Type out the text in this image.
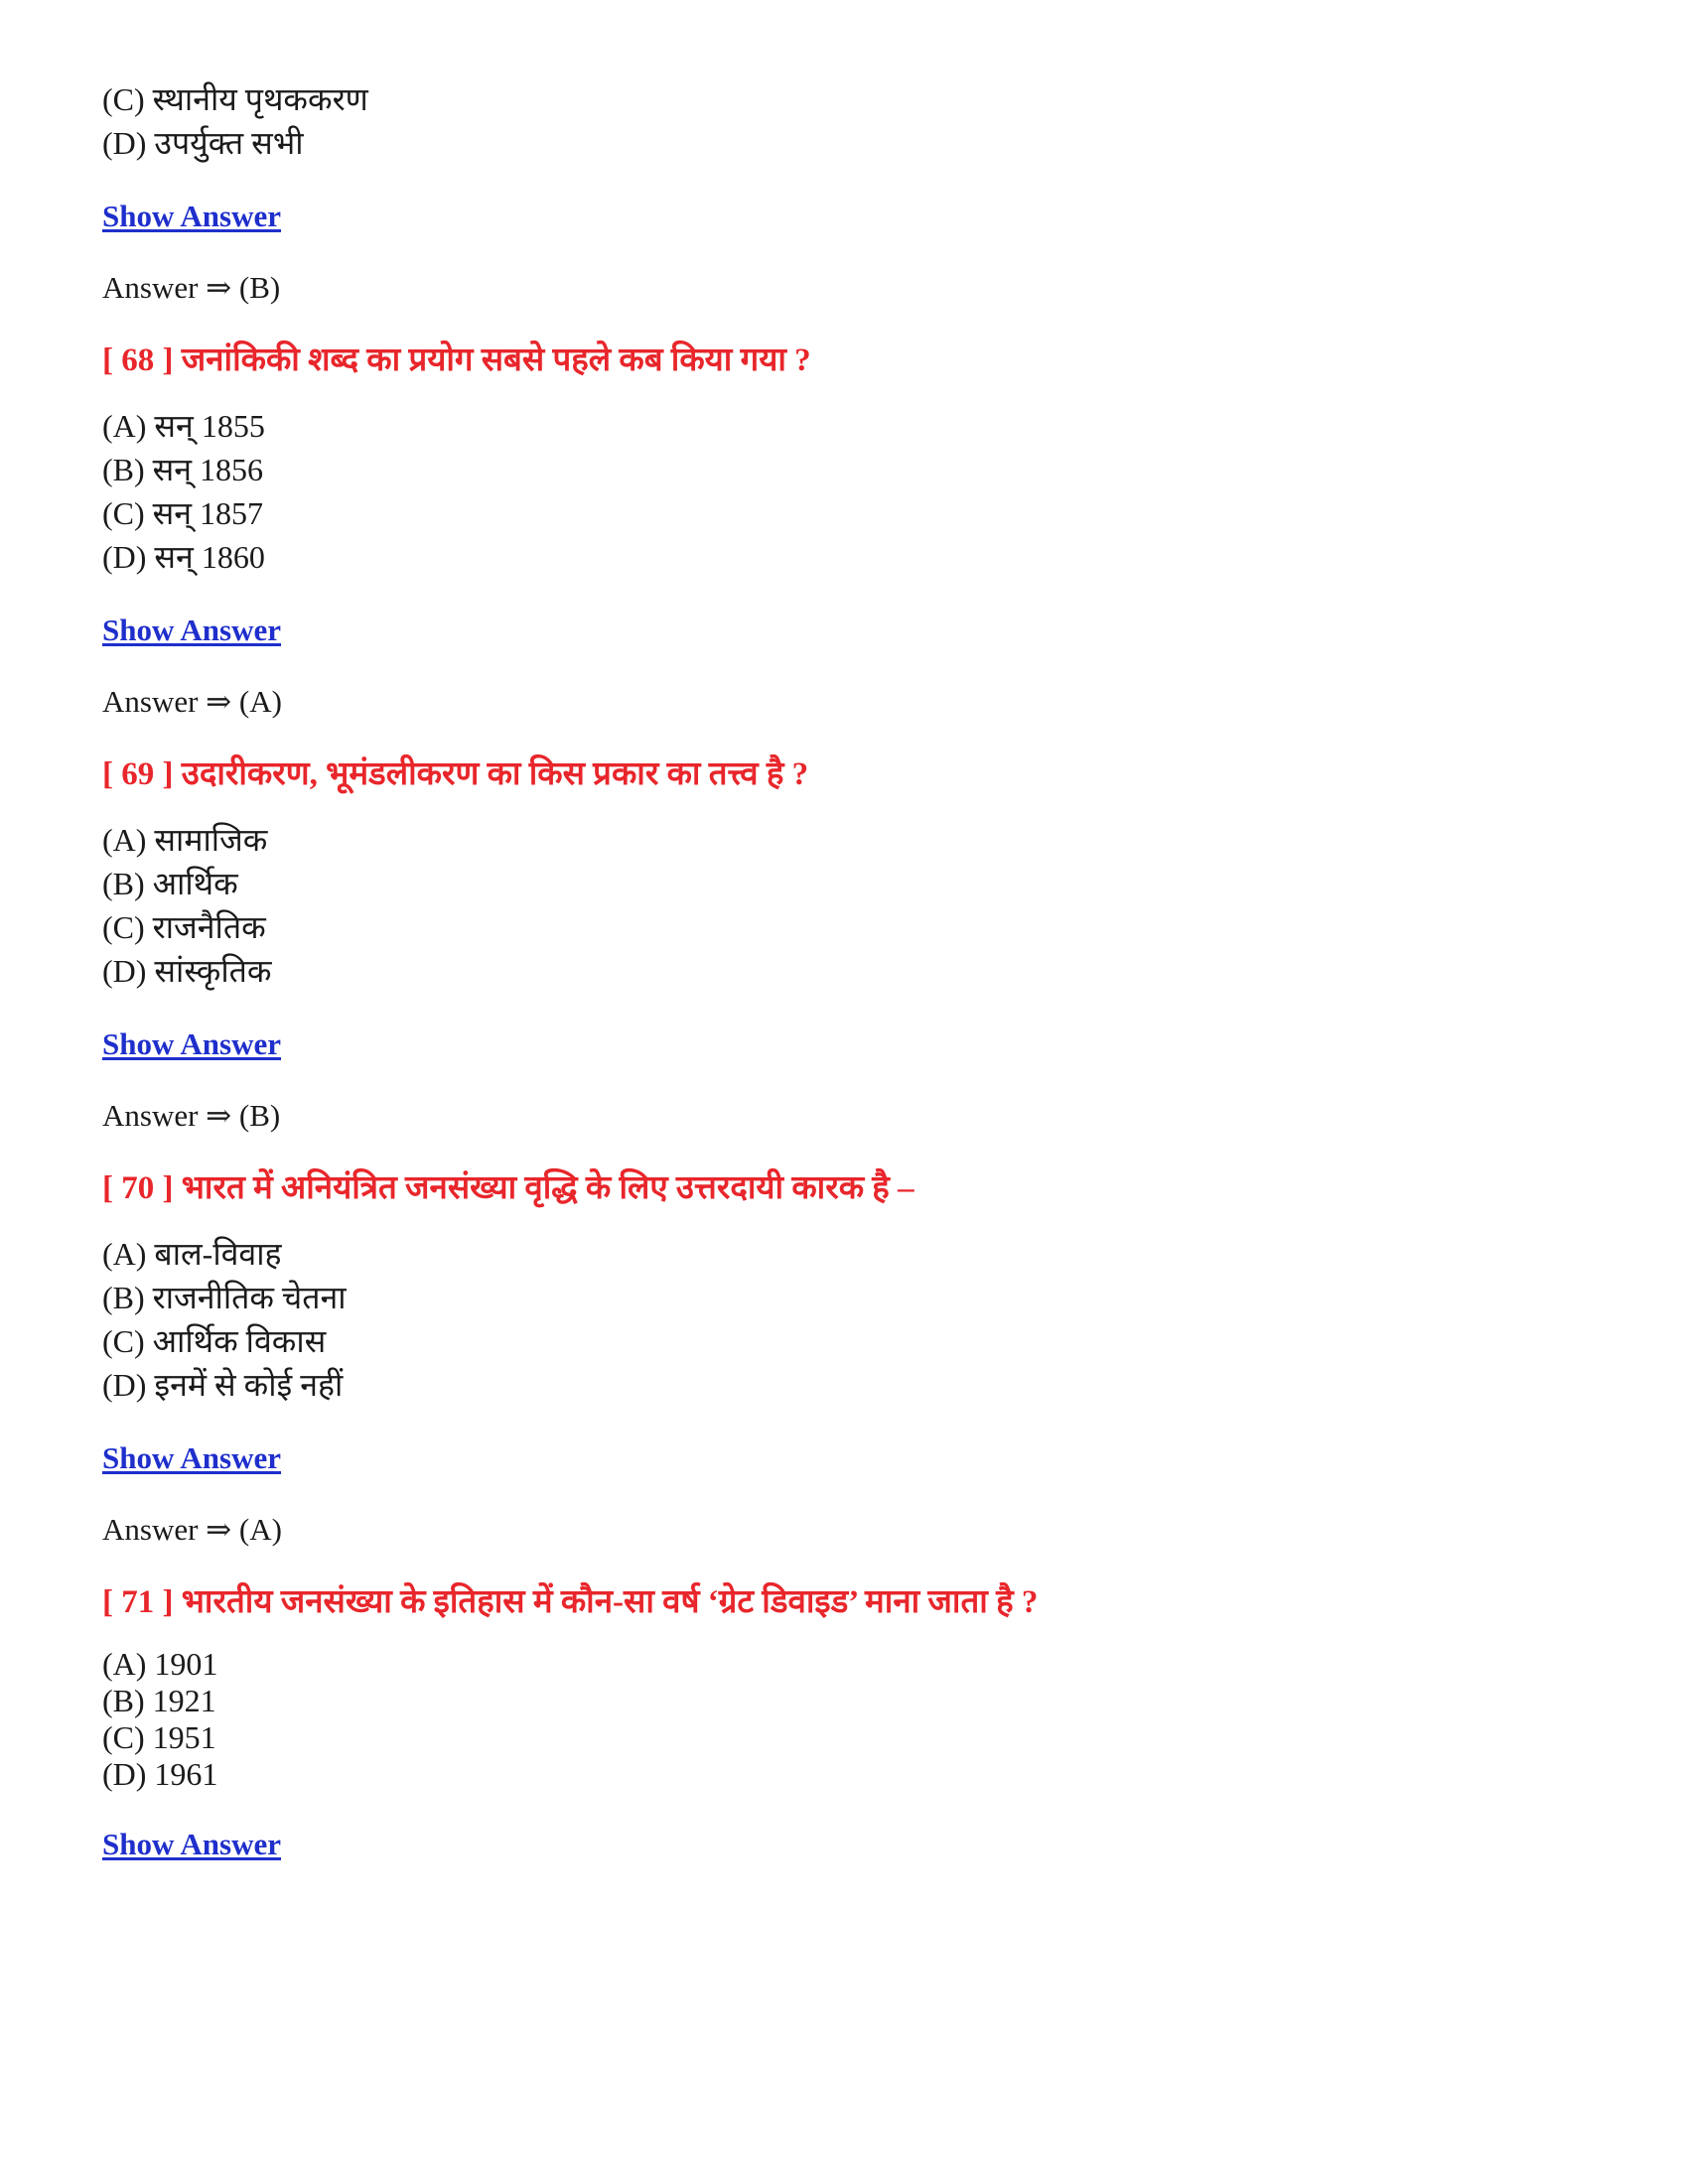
(C) स्थानीय पृथककरण

(D) उपर्युक्त सभी

Show Answer

Answer ⇒ (B)

[ 68 ] जनांकिकी शब्द का प्रयोग सबसे पहले कब किया गया ?

(A) सन् 1855

(B) सन् 1856

(C) सन् 1857

(D) सन् 1860

Show Answer

Answer ⇒ (A)

[ 69 ] उदारीकरण, भूमंडलीकरण का किस प्रकार का तत्त्व है ?

(A) सामाजिक

(B) आर्थिक

(C) राजनैतिक

(D) सांस्कृतिक

Show Answer

Answer ⇒ (B)

[ 70 ] भारत में अनियंत्रित जनसंख्या वृद्धि के लिए उत्तरदायी कारक है –

(A) बाल-विवाह

(B) राजनीतिक चेतना

(C) आर्थिक विकास

(D) इनमें से कोई नहीं

Show Answer

Answer ⇒ (A)

[ 71 ] भारतीय जनसंख्या के इतिहास में कौन-सा वर्ष ‘ग्रेट डिवाइड’ माना जाता है ?

(A) 1901

(B) 1921

(C) 1951

(D) 1961

Show Answer
